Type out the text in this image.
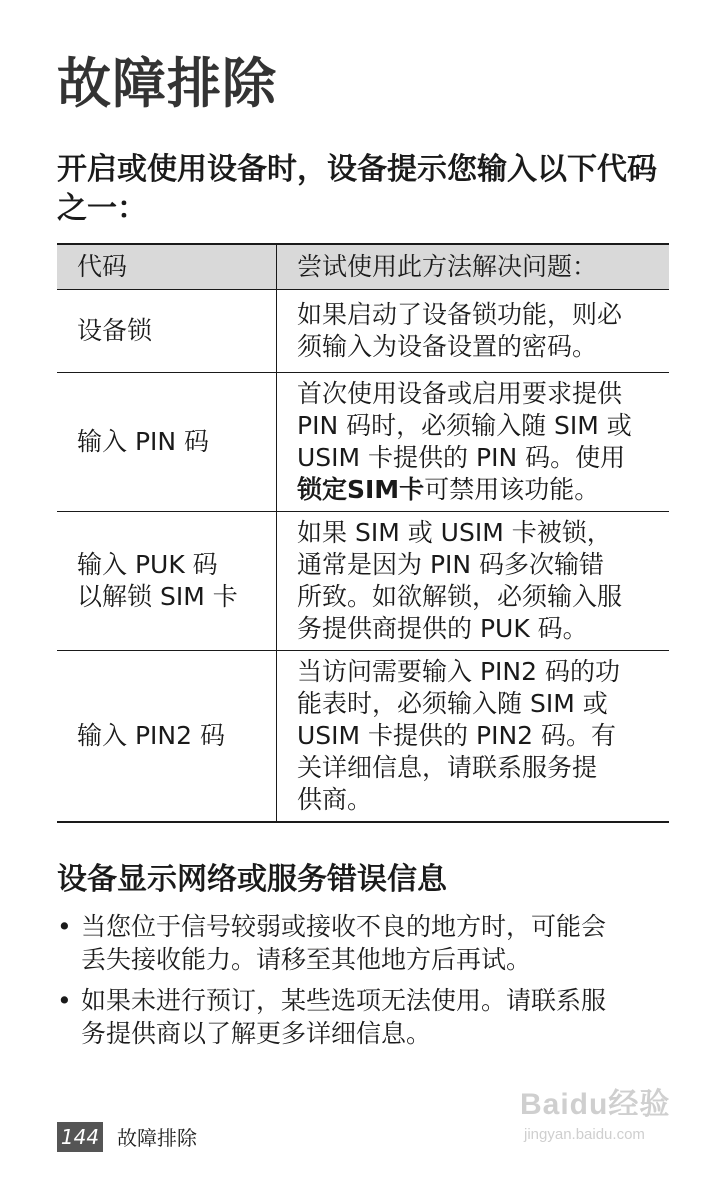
故障排除
开启或使用设备时，设备提示您输入以下代码之一：
代码	尝试使用此方法解决问题：

设备锁	如果启动了设备锁功能，则必
须输入为设备设置的密码。

输入 PIN 码	首次使用设备或启用要求提供
PIN 码时，必须输入随 SIM 或
USIM 卡提供的 PIN 码。使用
锁定SIM卡可禁用该功能。

输入 PUK 码
以解锁 SIM 卡	如果 SIM 或 USIM 卡被锁，
通常是因为 PIN 码多次输错
所致。如欲解锁，必须输入服
务提供商提供的 PUK 码。

输入 PIN2 码	当访问需要输入 PIN2 码的功
能表时，必须输入随 SIM 或
USIM 卡提供的 PIN2 码。有
关详细信息，请联系服务提
供商。
设备显示网络或服务错误信息
• 当您位于信号较弱或接收不良的地方时，可能会
丢失接收能力。请移至其他地方后再试。
• 如果未进行预订，某些选项无法使用。请联系服
务提供商以了解更多详细信息。
144 故障排除
Baidu经验
jingyan.baidu.com
